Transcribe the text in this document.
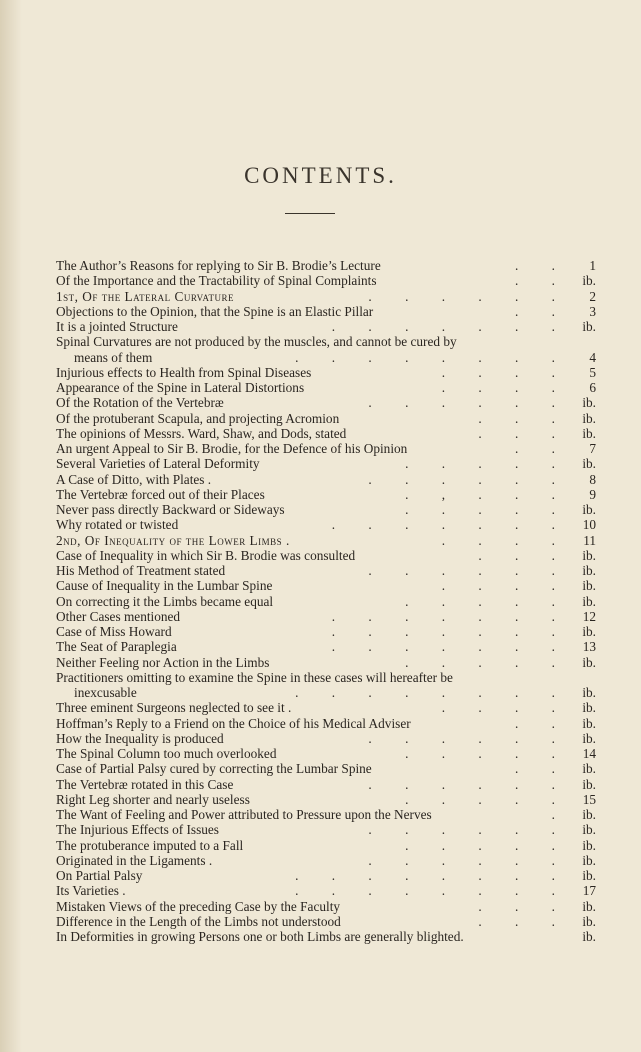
CONTENTS.
The Author’s Reasons for replying to Sir B. Brodie’s Lecture	. .	1
Of the Importance and the Tractability of Spinal Complaints	. . ib.
1st, Of the Lateral Curvature	. . . . . .	2
Objections to the Opinion, that the Spine is an Elastic Pillar	. .	3
It is a jointed Structure	. . . . . . . ib.
Spinal Curvatures are not produced by the muscles, and cannot be cured by
means of them	. . . . . . . .	4
Injurious effects to Health from Spinal Diseases	. . . .	5
Appearance of the Spine in Lateral Distortions	. . . .	6
Of the Rotation of the Vertebræ	. . . . . . ib.
Of the protuberant Scapula, and projecting Acromion	. . . ib.
The opinions of Messrs. Ward, Shaw, and Dods, stated	. . . ib.
An urgent Appeal to Sir B. Brodie, for the Defence of his Opinion	. .	7
Several Varieties of Lateral Deformity	. . . . . ib.
A Case of Ditto, with Plates .	. . . . . .	8
The Vertebræ forced out of their Places	. , . . .	9
Never pass directly Backward or Sideways	. . . . . ib.
Why rotated or twisted	. . . . . . . 10
2nd, Of Inequality of the Lower Limbs .	. . . . 11
Case of Inequality in which Sir B. Brodie was consulted	. . . ib.
His Method of Treatment stated	. . . . . . ib.
Cause of Inequality in the Lumbar Spine	. . . . ib.
On correcting it the Limbs became equal	. . . . . ib.
Other Cases mentioned	. . . . . . . 12
Case of Miss Howard	. . . . . . . ib.
The Seat of Paraplegia	. . . . . . . 13
Neither Feeling nor Action in the Limbs	. . . . . ib.
Practitioners omitting to examine the Spine in these cases will hereafter be
inexcusable	. . . . . . . . ib.
Three eminent Surgeons neglected to see it .	. . . . ib.
Hoffman’s Reply to a Friend on the Choice of his Medical Adviser	. . ib.
How the Inequality is produced	. . . . . . ib.
The Spinal Column too much overlooked	. . . . . 14
Case of Partial Palsy cured by correcting the Lumbar Spine	. . ib.
The Vertebræ rotated in this Case	. . . . . . ib.
Right Leg shorter and nearly useless	. . . . . 15
The Want of Feeling and Power attributed to Pressure upon the Nerves	. ib.
The Injurious Effects of Issues	. . . . . . ib.
The protuberance imputed to a Fall	. . . . . ib.
Originated in the Ligaments .	. . . . . . ib.
On Partial Palsy	. . . . . . . . ib.
Its Varieties .	. . . . . . . . 17
Mistaken Views of the preceding Case by the Faculty	. . . ib.
Difference in the Length of the Limbs not understood	. . . ib.
In Deformities in growing Persons one or both Limbs are generally blighted.	ib.
